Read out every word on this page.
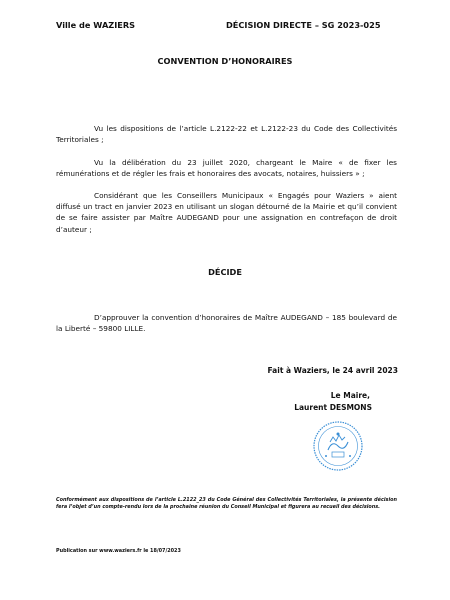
Ville de WAZIERS	DÉCISION DIRECTE – SG 2023-025
CONVENTION D’HONORAIRES
Vu les dispositions de l’article L.2122-22 et L.2122-23 du Code des Collectivités Territoriales ;
Vu la délibération du 23 juillet 2020, chargeant le Maire « de fixer les rémunérations et de régler les frais et honoraires des avocats, notaires, huissiers » ;
Considérant que les Conseillers Municipaux « Engagés pour Waziers » aient diffusé un tract en janvier 2023 en utilisant un slogan détourné de la Mairie et qu’il convient de se faire assister par Maître AUDEGAND pour une assignation en contrefaçon de droit d’auteur ;
DÉCIDE
D’approuver la convention d’honoraires de Maître AUDEGAND – 185 boulevard de la Liberté – 59800 LILLE.
Fait à Waziers, le 24 avril 2023
Le Maire,
Laurent DESMONS
Conformément aux dispositions de l’article L.2122_23 du Code Général des Collectivités Territoriales, la présente décision fera l’objet d’un compte-rendu lors de la prochaine réunion du Conseil Municipal et figurera au recueil des décisions.
Publication sur www.waziers.fr le 18/07/2023
